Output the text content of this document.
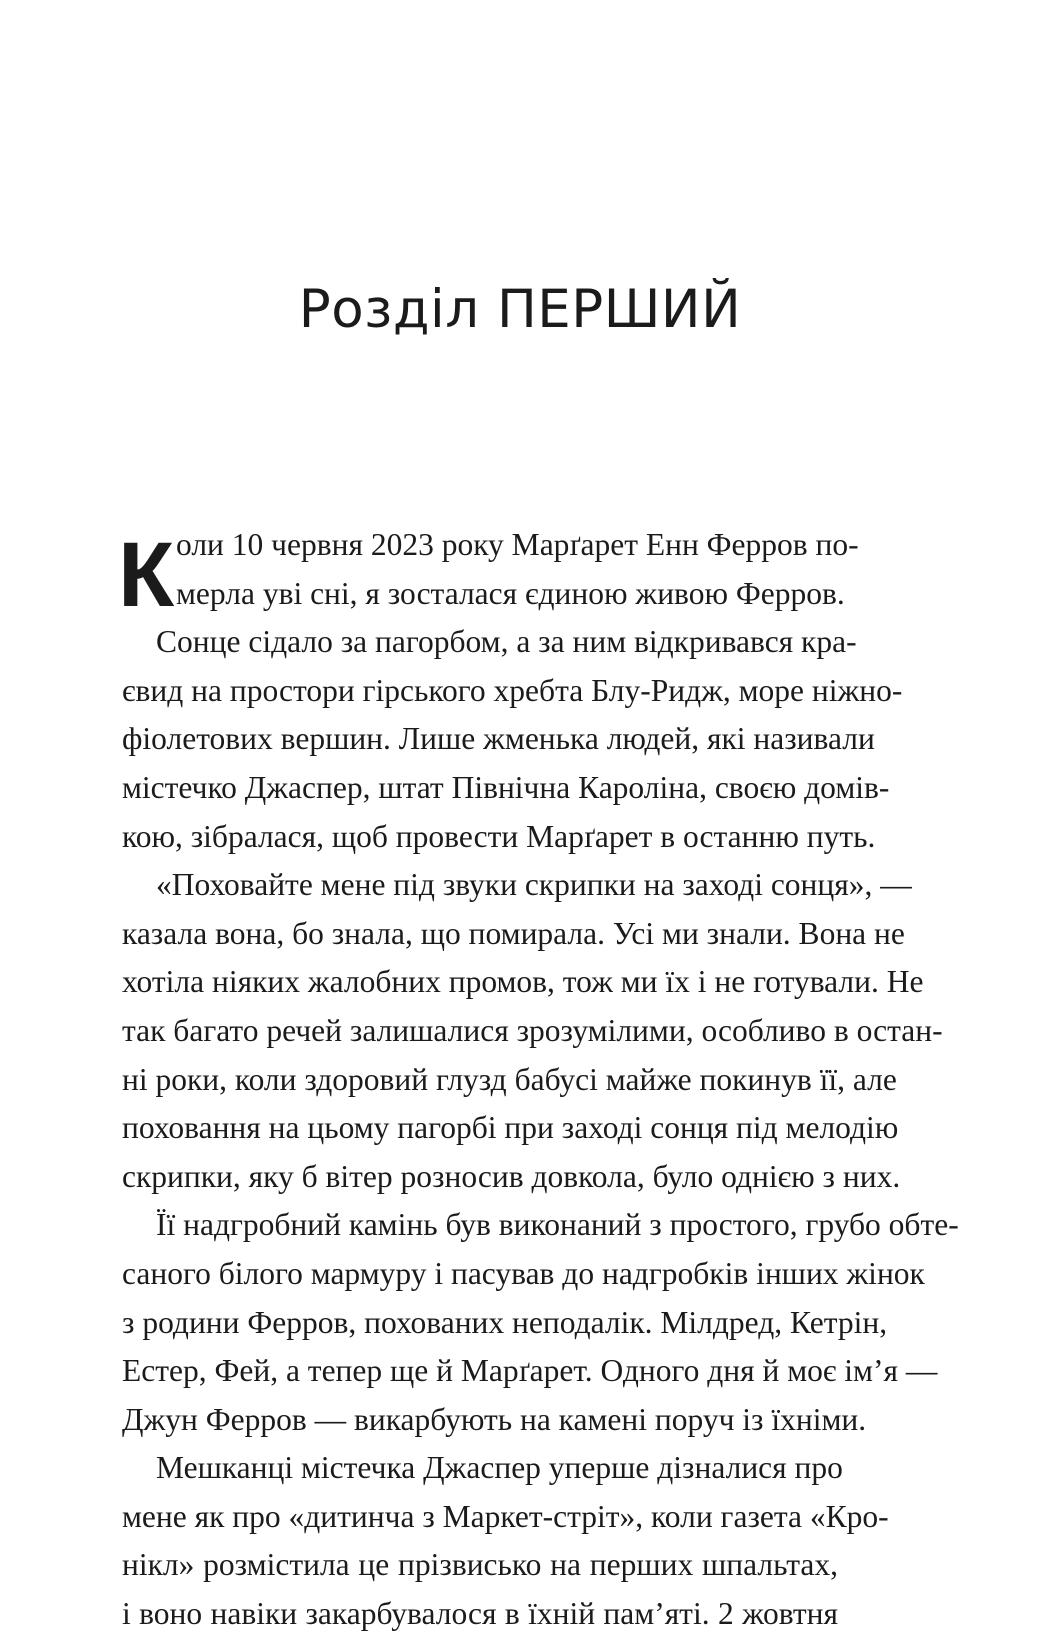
Розділ ПЕРШИЙ
К оли 10 червня 2023 року Марґарет Енн Ферров по-
мерла уві сні, я зосталася єдиною живою Ферров.
Сонце сідало за пагорбом, а за ним відкривався кра-
євид на простори гірського хребта Блу-Ридж, море ніжно-
фіолетових вершин. Лише жменька людей, які називали
містечко Джаспер, штат Північна Кароліна, своєю домів-
кою, зібралася, щоб провести Марґарет в останню путь.
«Поховайте мене під звуки скрипки на заході сонця», —
казала вона, бо знала, що помирала. Усі ми знали. Вона не
хотіла ніяких жалобних промов, тож ми їх і не готували. Не
так багато речей залишалися зрозумілими, особливо в остан-
ні роки, коли здоровий глузд бабусі майже покинув її, але
поховання на цьому пагорбі при заході сонця під мелодію
скрипки, яку б вітер розносив довкола, було однією з них.
Її надгробний камінь був виконаний з простого, грубо обте-
саного білого мармуру і пасував до надгробків інших жінок
з родини Ферров, похованих неподалік. Мілдред, Кетрін,
Естер, Фей, а тепер ще й Марґарет. Одного дня й моє ім’я —
Джун Ферров — викарбують на камені поруч із їхніми.
Мешканці містечка Джаспер уперше дізналися про
мене як про «дитинча з Маркет-стріт», коли газета «Кро-
нікл» розмістила це прізвисько на перших шпальтах,
і воно навіки закарбувалося в їхній пам’яті. 2 жовтня
